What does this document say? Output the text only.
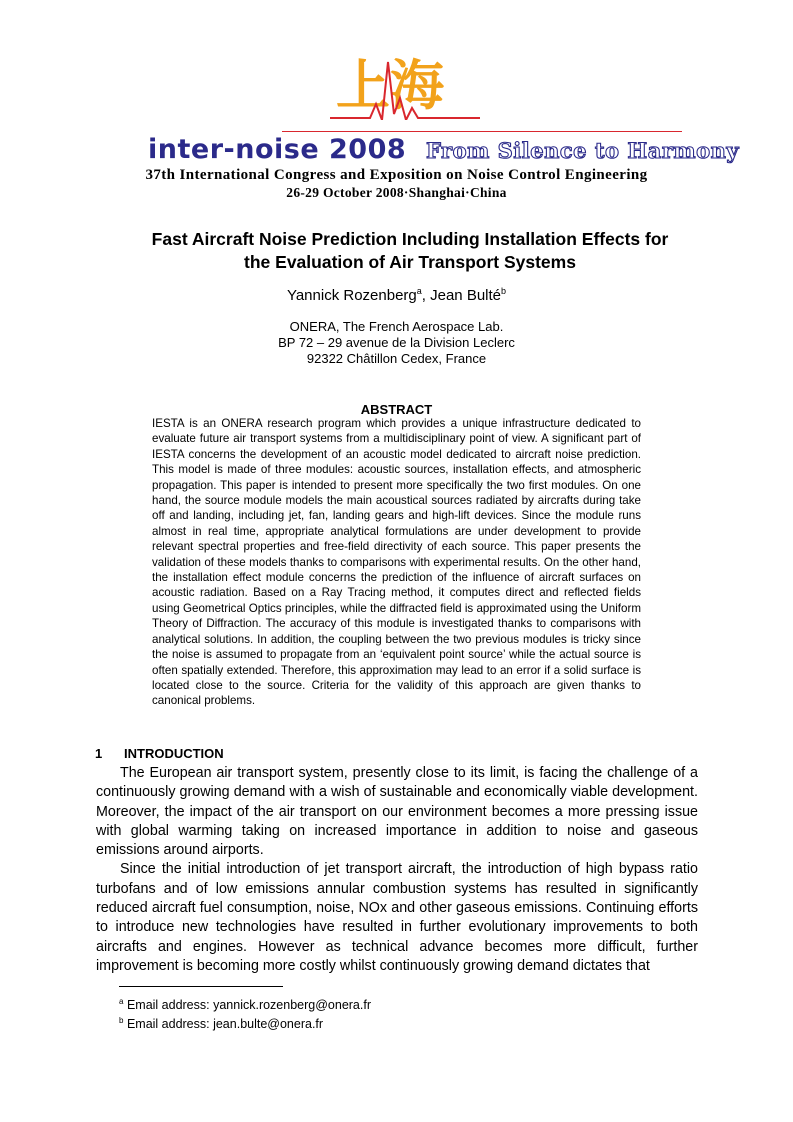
上海
inter-noise 2008 From Silence to Harmony
37th International Congress and Exposition on Noise Control Engineering
26-29 October 2008·Shanghai·China
Fast Aircraft Noise Prediction Including Installation Effects for
the Evaluation of Air Transport Systems
Yannick Rozenberg$^a$, Jean Bulté$^b$
ONERA, The French Aerospace Lab.
BP 72 – 29 avenue de la Division Leclerc
92322 Châtillon Cedex, France
ABSTRACT
IESTA is an ONERA research program which provides a unique infrastructure dedicated to evaluate future air transport systems from a multidisciplinary point of view. A significant part of IESTA concerns the development of an acoustic model dedicated to aircraft noise prediction. This model is made of three modules: acoustic sources, installation effects, and atmospheric propagation. This paper is intended to present more specifically the two first modules. On one hand, the source module models the main acoustical sources radiated by aircrafts during take off and landing, including jet, fan, landing gears and high-lift devices. Since the module runs almost in real time, appropriate analytical formulations are under development to provide relevant spectral properties and free-field directivity of each source. This paper presents the validation of these models thanks to comparisons with experimental results. On the other hand, the installation effect module concerns the prediction of the influence of aircraft surfaces on acoustic radiation. Based on a Ray Tracing method, it computes direct and reflected fields using Geometrical Optics principles, while the diffracted field is approximated using the Uniform Theory of Diffraction. The accuracy of this module is investigated thanks to comparisons with analytical solutions. In addition, the coupling between the two previous modules is tricky since the noise is assumed to propagate from an ‘equivalent point source’ while the actual source is often spatially extended. Therefore, this approximation may lead to an error if a solid surface is located close to the source. Criteria for the validity of this approach are given thanks to canonical problems.
1 INTRODUCTION

The European air transport system, presently close to its limit, is facing the challenge of a continuously growing demand with a wish of sustainable and economically viable development. Moreover, the impact of the air transport on our environment becomes a more pressing issue with global warming taking on increased importance in addition to noise and gaseous emissions around airports.

Since the initial introduction of jet transport aircraft, the introduction of high bypass ratio turbofans and of low emissions annular combustion systems has resulted in significantly reduced aircraft fuel consumption, noise, NOx and other gaseous emissions. Continuing efforts to introduce new technologies have resulted in further evolutionary improvements to both aircrafts and engines. However as technical advance becomes more difficult, further improvement is becoming more costly whilst continuously growing demand dictates that

$^a$ Email address: yannick.rozenberg@onera.fr
$^b$ Email address: jean.bulte@onera.fr
